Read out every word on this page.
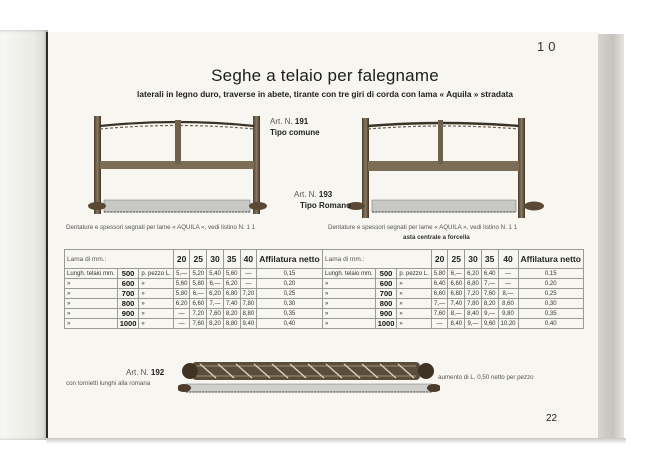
10
Seghe a telaio per falegname
laterali in legno duro, traverse in abete, tirante con tre giri di corda con lama « Aquila » stradata
Art. N. 191
Tipo comune
Art. N. 193
Tipo Romano
Dentature e spessori segnati per lame « AQUILA », vedi listino N. 1 1	Dentature e spessori segnati per lame « AQUILA », vedi listino N. 1 1
asta centrale a forcella
Lama di mm.:			20	25	30	35	40	Affilatura netto
Lungh. telaio mm.	500	p. pezzo L.	5,—	5,20	5,40	5,60	—	0,15
»	600	»	5,60	5,80	6,—	6,20	—	0,20
»	700	»	5,80	6,—	6,20	6,80	7,20	0,25
»	800	»	6,20	6,60	7,—	7,40	7,80	0,30
»	900	»	—	7,20	7,60	8,20	8,80	0,35
»	1000	»	—	7,60	8,20	8,80	9,40	0,40
Lama di mm.:			20	25	30	35	40	Affilatura netto
Lungh. telaio mm.	500	p. pezzo L.	5,80	6,—	6,20	6,40	—	0,15
»	600	»	6,40	6,60	6,80	7,—	—	0,20
»	700	»	6,60	6,80	7,20	7,60	8,—	0,25
»	800	»	7,—	7,40	7,80	8,20	8,60	0,30
»	900	»	7,60	8,—	8,40	9,—	9,80	0,35
»	1000	»	—	8,40	9,—	9,60	10,20	0,40
Art. N. 192
con tornietti lunghi alla romana
aumento di L. 0,50 netto per pezzo
22
